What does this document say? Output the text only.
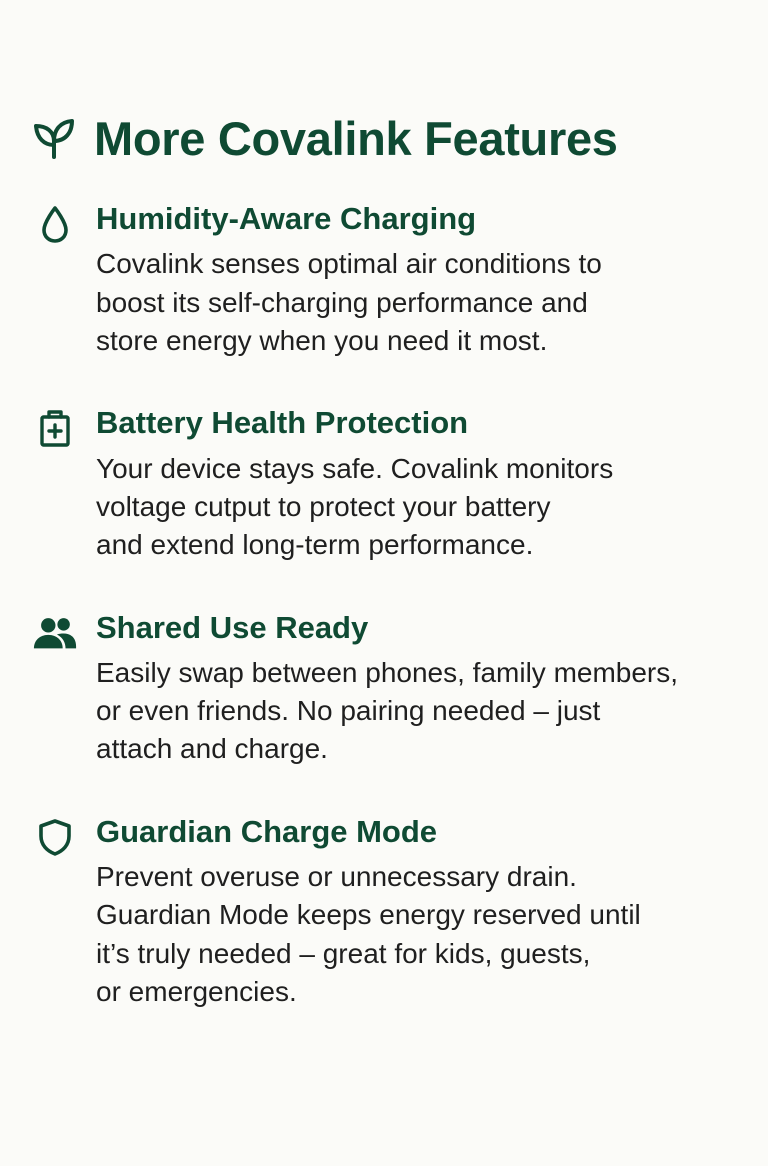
More Covalink Features
Humidity-Aware Charging

Covalink senses optimal air conditions to
boost its self-charging performance and
store energy when you need it most.

Battery Health Protection

Your device stays safe. Covalink monitors
voltage cutput to protect your battery
and extend long-term performance.

Shared Use Ready

Easily swap between phones, family members,
or even friends. No pairing needed – just
attach and charge.

Guardian Charge Mode

Prevent overuse or unnecessary drain.
Guardian Mode keeps energy reserved until
it’s truly needed – great for kids, guests,
or emergencies.
